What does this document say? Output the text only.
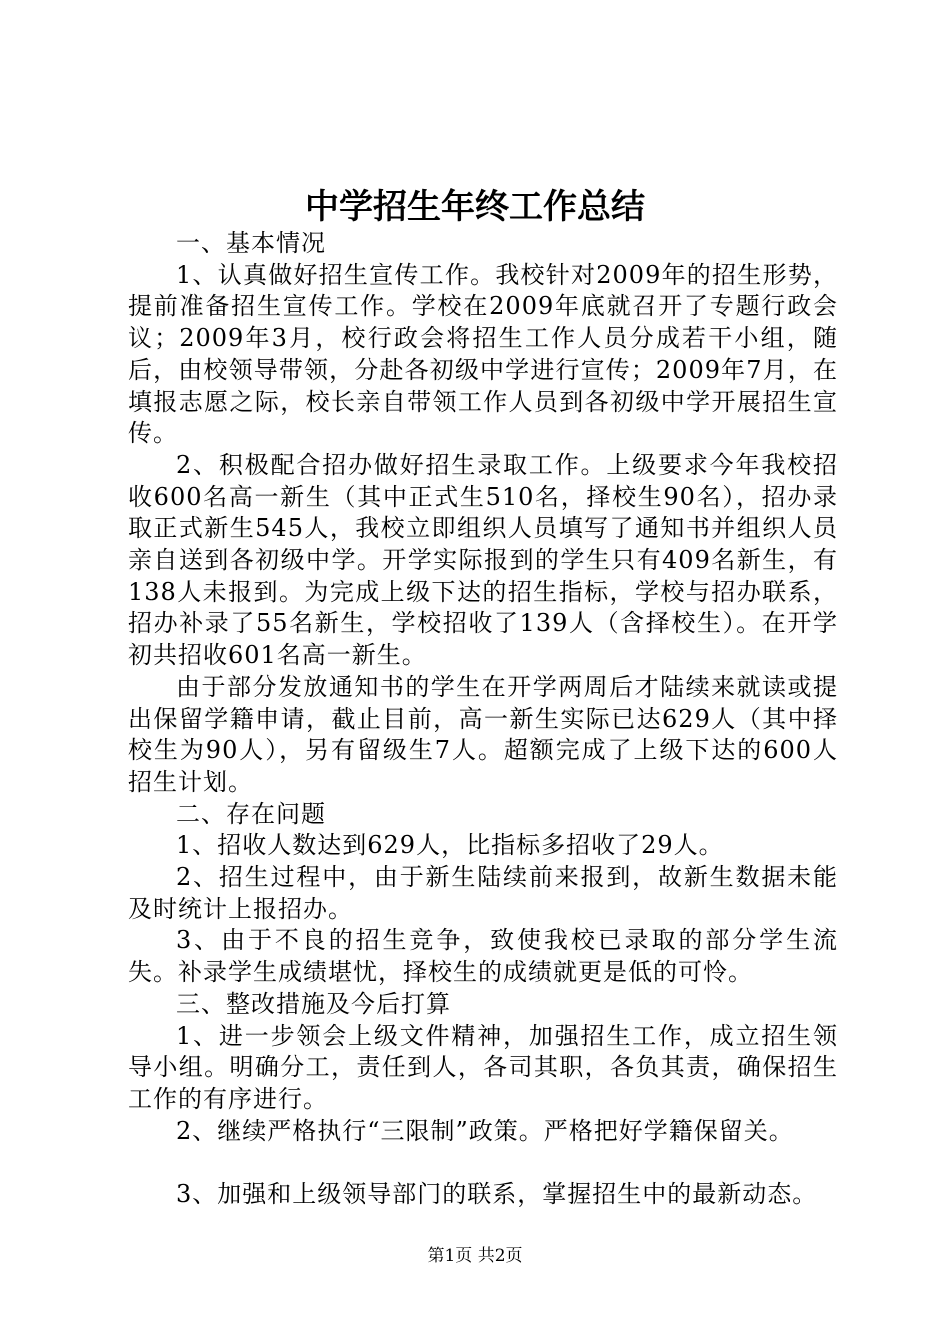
中学招生年终工作总结

一、基本情况

1、认真做好招生宣传工作。我校针对2009年的招生形势，提前准备招生宣传工作。学校在2009年底就召开了专题行政会议；2009年3月，校行政会将招生工作人员分成若干小组，随后，由校领导带领，分赴各初级中学进行宣传；2009年7月，在填报志愿之际，校长亲自带领工作人员到各初级中学开展招生宣传。

2、积极配合招办做好招生录取工作。上级要求今年我校招收600名高一新生（其中正式生510名，择校生90名），招办录取正式新生545人，我校立即组织人员填写了通知书并组织人员亲自送到各初级中学。开学实际报到的学生只有409名新生，有138人未报到。为完成上级下达的招生指标，学校与招办联系，招办补录了55名新生，学校招收了139人（含择校生）。在开学初共招收601名高一新生。

由于部分发放通知书的学生在开学两周后才陆续来就读或提出保留学籍申请，截止目前，高一新生实际已达629人（其中择校生为90人），另有留级生7人。超额完成了上级下达的600人招生计划。

二、存在问题

1、招收人数达到629人，比指标多招收了29人。

2、招生过程中，由于新生陆续前来报到，故新生数据未能及时统计上报招办。

3、由于不良的招生竞争，致使我校已录取的部分学生流失。补录学生成绩堪忧，择校生的成绩就更是低的可怜。

三、整改措施及今后打算

1、进一步领会上级文件精神，加强招生工作，成立招生领导小组。明确分工，责任到人，各司其职，各负其责，确保招生工作的有序进行。

2、继续严格执行“三限制”政策。严格把好学籍保留关。

3、加强和上级领导部门的联系，掌握招生中的最新动态。

第1页 共2页
